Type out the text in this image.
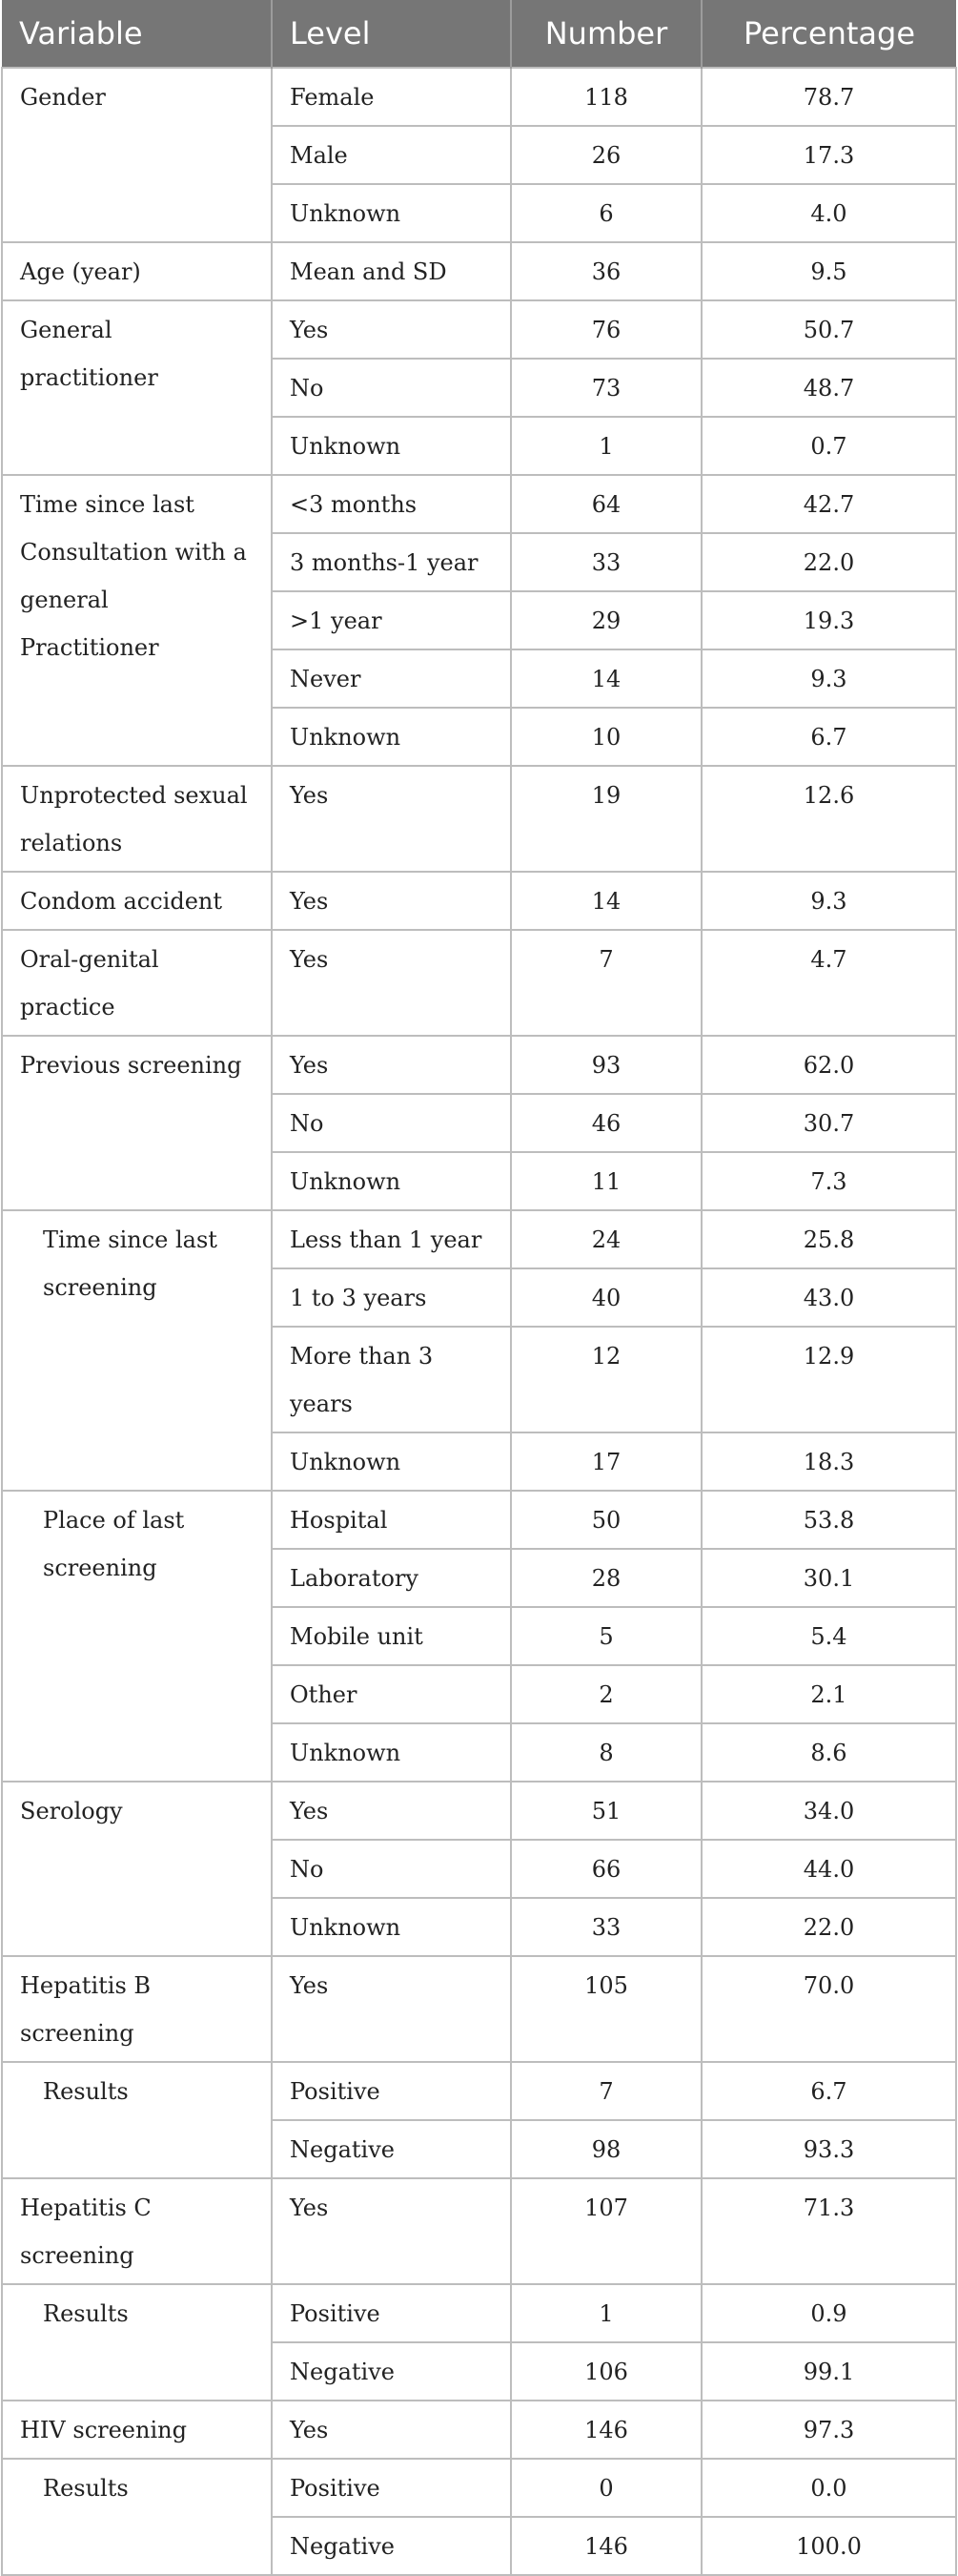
Variable	Level	Number	Percentage
Gender	Female	118	78.7
	Male	26	17.3
	Unknown	6	4.0
Age (year)	Mean and SD	36	9.5
General practitioner	Yes	76	50.7
	No	73	48.7
	Unknown	1	0.7
Time since last Consultation with a general Practitioner	<3 months	64	42.7
	3 months-1 year	33	22.0
	>1 year	29	19.3
	Never	14	9.3
	Unknown	10	6.7
Unprotected sexual relations	Yes	19	12.6
Condom accident	Yes	14	9.3
Oral-genital practice	Yes	7	4.7
Previous screening	Yes	93	62.0
	No	46	30.7
	Unknown	11	7.3
Time since last screening	Less than 1 year	24	25.8
	1 to 3 years	40	43.0
	More than 3 years	12	12.9
	Unknown	17	18.3
Place of last screening	Hospital	50	53.8
	Laboratory	28	30.1
	Mobile unit	5	5.4
	Other	2	2.1
	Unknown	8	8.6
Serology	Yes	51	34.0
	No	66	44.0
	Unknown	33	22.0
Hepatitis B screening	Yes	105	70.0
Results	Positive	7	6.7
	Negative	98	93.3
Hepatitis C screening	Yes	107	71.3
Results	Positive	1	0.9
	Negative	106	99.1
HIV screening	Yes	146	97.3
Results	Positive	0	0.0
	Negative	146	100.0
